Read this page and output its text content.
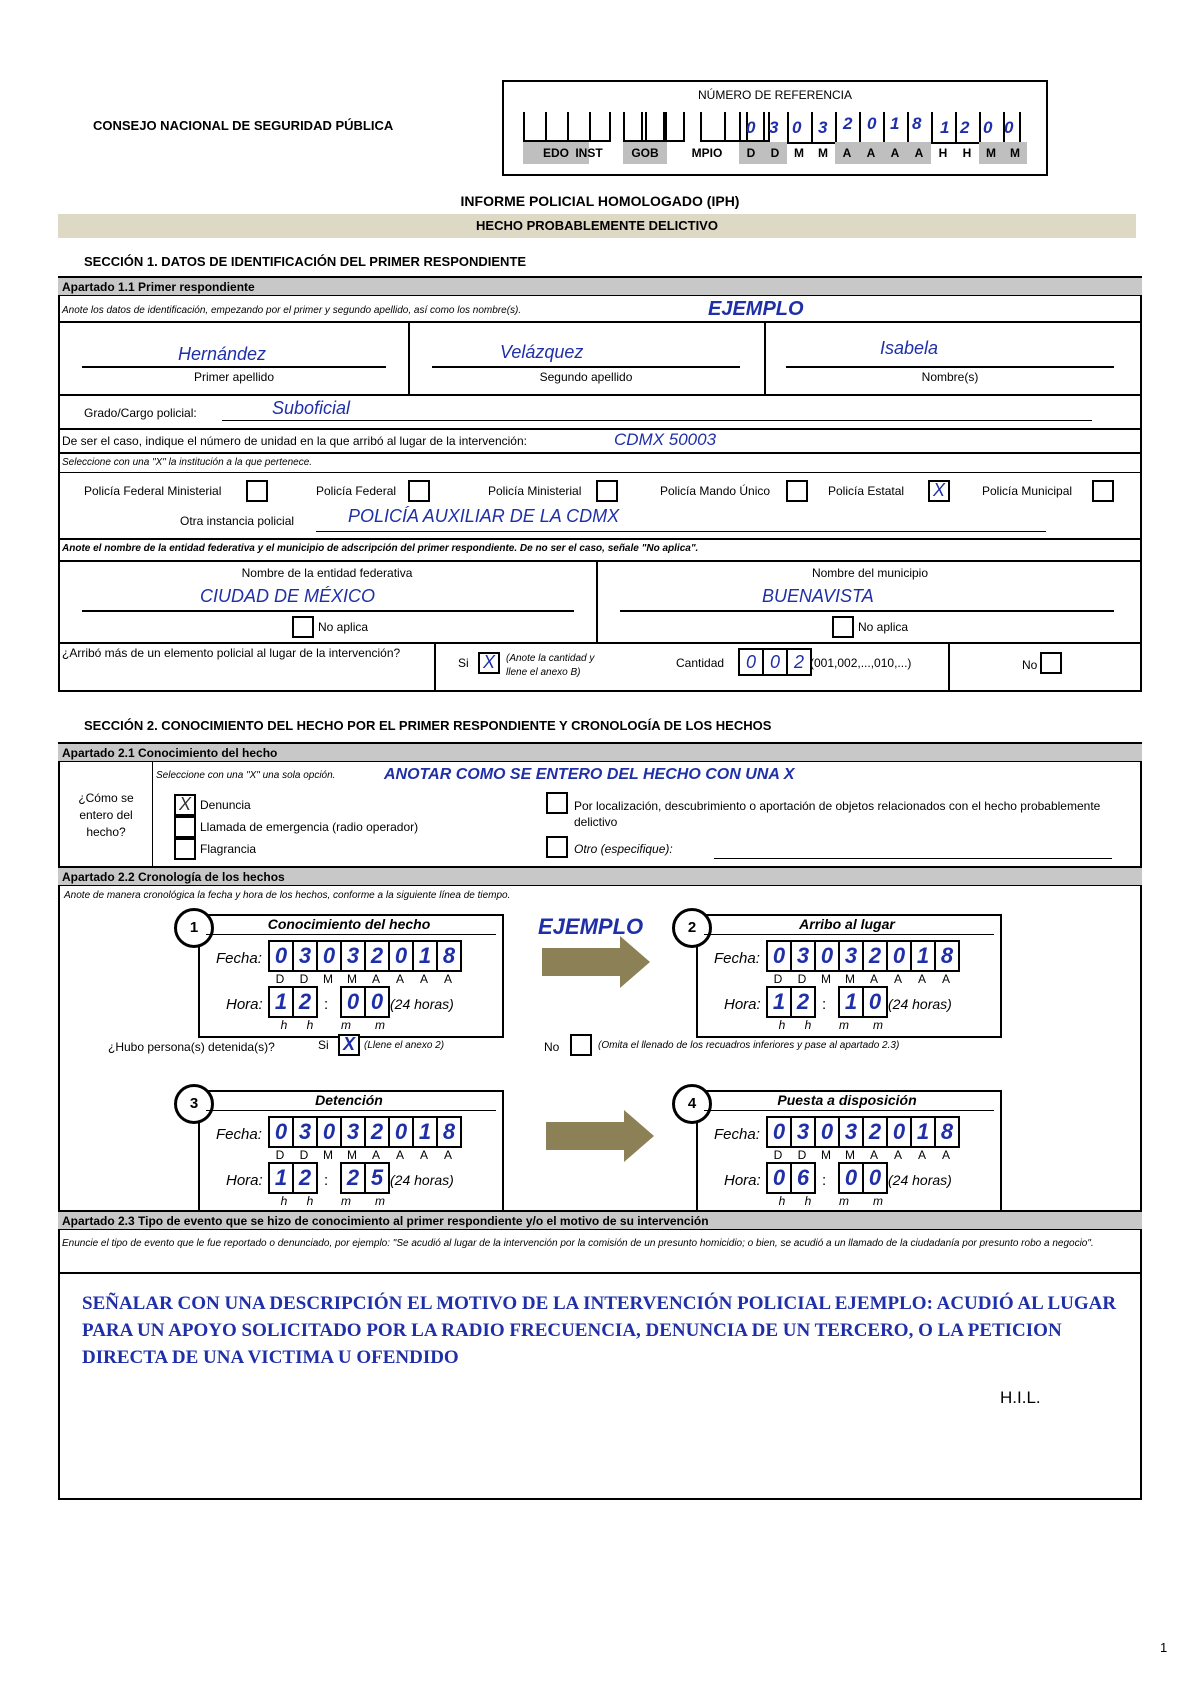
CONSEJO NACIONAL DE SEGURIDAD PÚBLICA
NÚMERO DE REFERENCIA
0 3 0 3 2 0 1 8 1 2 0 0
EDO INST	GOB	MPIO	D	D	M	M	A	A	A	A	H	H	M	M
INFORME POLICIAL HOMOLOGADO (IPH)
HECHO PROBABLEMENTE DELICTIVO
SECCIÓN 1. DATOS DE IDENTIFICACIÓN DEL PRIMER RESPONDIENTE
Apartado 1.1 Primer respondiente
Anote los datos de identificación, empezando por el primer y segundo apellido, así como los nombre(s).	EJEMPLO
Hernández
Primer apellido
Velázquez
Segundo apellido
Isabela
Nombre(s)
Grado/Cargo policial:	Suboficial
De ser el caso, indique el número de unidad en la que arribó al lugar de la intervención:	CDMX 50003
Seleccione con una "X" la institución a la que pertenece.
Policía Federal Ministerial	Policía Federal	Policía Ministerial	Policía Mando Único	Policía Estatal X	Policía Municipal
Otra instancia policial	POLICÍA AUXILIAR DE LA CDMX
Anote el nombre de la entidad federativa y el municipio de adscripción del primer respondiente. De no ser el caso, señale "No aplica".
Nombre de la entidad federativa
CIUDAD DE MÉXICO
No aplica
Nombre del municipio
BUENAVISTA
No aplica
¿Arribó más de un elemento policial al lugar de la intervención?
Si X	(Anote la cantidad y llene el anexo B)
Cantidad	0 0 2 (001,002,...,010,...)	No
SECCIÓN 2. CONOCIMIENTO DEL HECHO POR EL PRIMER RESPONDIENTE Y CRONOLOGÍA DE LOS HECHOS
Apartado 2.1 Conocimiento del hecho
¿Cómo se entero del hecho?
Seleccione con una "X" una sola opción.	ANOTAR COMO SE ENTERO DEL HECHO CON UNA X
X Denuncia
Llamada de emergencia (radio operador)
Flagrancia
Por localización, descubrimiento o aportación de objetos relacionados con el hecho probablemente delictivo
Otro (especifique):
Apartado 2.2 Cronología de los hechos
Anote de manera cronológica la fecha y hora de los hechos, conforme a la siguiente línea de tiempo.
EJEMPLO
1	Conocimiento del hecho
Fecha: 0 3 0 3 2 0 1 8
D	D	M	M	A	A	A	A
Hora: 1 2 : 0 0 (24 horas)
h	h	m	m
2	Arribo al lugar
Fecha: 0 3 0 3 2 0 1 8
D	D	M	M	A	A	A	A
Hora: 1 2 : 1 0 (24 horas)
h	h	m	m
3	Detención
Fecha: 0 3 0 3 2 0 1 8
D	D	M	M	A	A	A	A
Hora: 1 2 : 2 5 (24 horas)
h	h	m	m
4	Puesta a disposición
Fecha: 0 3 0 3 2 0 1 8
D	D	M	M	A	A	A	A
Hora: 0 6 : 0 0 (24 horas)
h	h	m	m
¿Hubo persona(s) detenida(s)?	Si X (Llene el anexo 2)	No	(Omita el llenado de los recuadros inferiores y pase al apartado 2.3)
Apartado 2.3 Tipo de evento que se hizo de conocimiento al primer respondiente y/o el motivo de su intervención
Enuncie el tipo de evento que le fue reportado o denunciado, por ejemplo: "Se acudió al lugar de la intervención por la comisión de un presunto homicidio; o bien, se acudió a un llamado de la ciudadanía por presunto robo a negocio".
SEÑALAR CON UNA DESCRIPCIÓN EL MOTIVO DE LA INTERVENCIÓN POLICIAL EJEMPLO: ACUDIÓ AL LUGAR PARA UN APOYO SOLICITADO POR LA RADIO FRECUENCIA, DENUNCIA DE UN TERCERO, O LA PETICION DIRECTA DE UNA VICTIMA U OFENDIDO
H.I.L.
1
